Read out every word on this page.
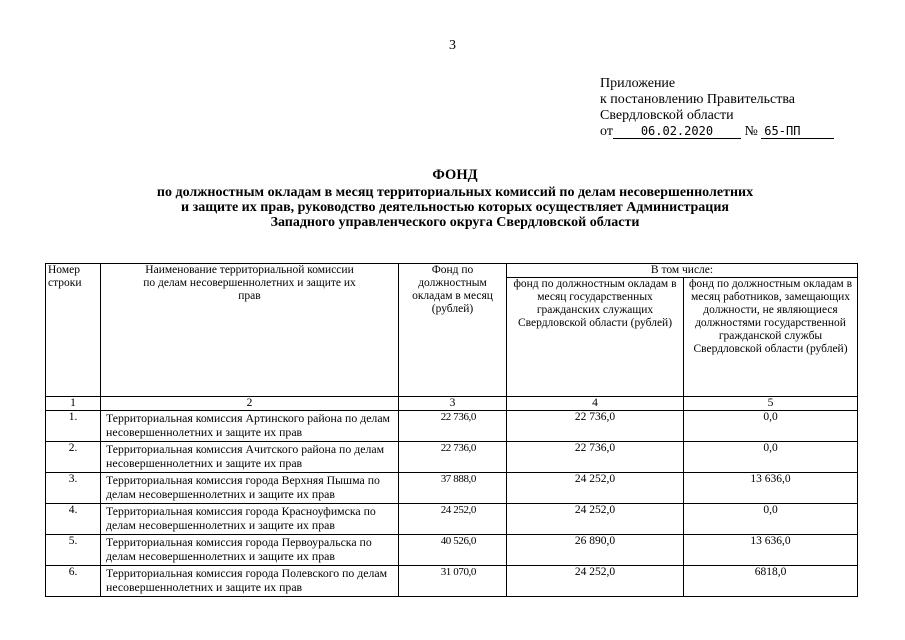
3
Приложение
к постановлению Правительства
Свердловской области
от 06.02.2020 № 65-ПП
ФОНД
по должностным окладам в месяц территориальных комиссий по делам несовершеннолетних
и защите их прав, руководство деятельностью которых осуществляет Администрация
Западного управленческого округа Свердловской области
Номер строки	Наименование территориальной комиссии по делам несовершеннолетних и защите их прав	Фонд по должностным окладам в месяц (рублей)	В том числе:	
			фонд по должностным окладам в месяц государственных гражданских служащих Свердловской области (рублей)	фонд по должностным окладам в месяц работников, замещающих должности, не являющиеся должностями государственной гражданской службы Свердловской области (рублей)
1	2	3	4	5
1.	Территориальная комиссия Артинского района по делам несовершеннолетних и защите их прав	22 736,0	22 736,0	0,0
2.	Территориальная комиссия Ачитского района по делам несовершеннолетних и защите их прав	22 736,0	22 736,0	0,0
3.	Территориальная комиссия города Верхняя Пышма по делам несовершеннолетних и защите их прав	37 888,0	24 252,0	13 636,0
4.	Территориальная комиссия города Красноуфимска по делам несовершеннолетних и защите их прав	24 252,0	24 252,0	0,0
5.	Территориальная комиссия города Первоуральска по делам несовершеннолетних и защите их прав	40 526,0	26 890,0	13 636,0
6.	Территориальная комиссия города Полевского по делам несовершеннолетних и защите их прав	31 070,0	24 252,0	6818,0
